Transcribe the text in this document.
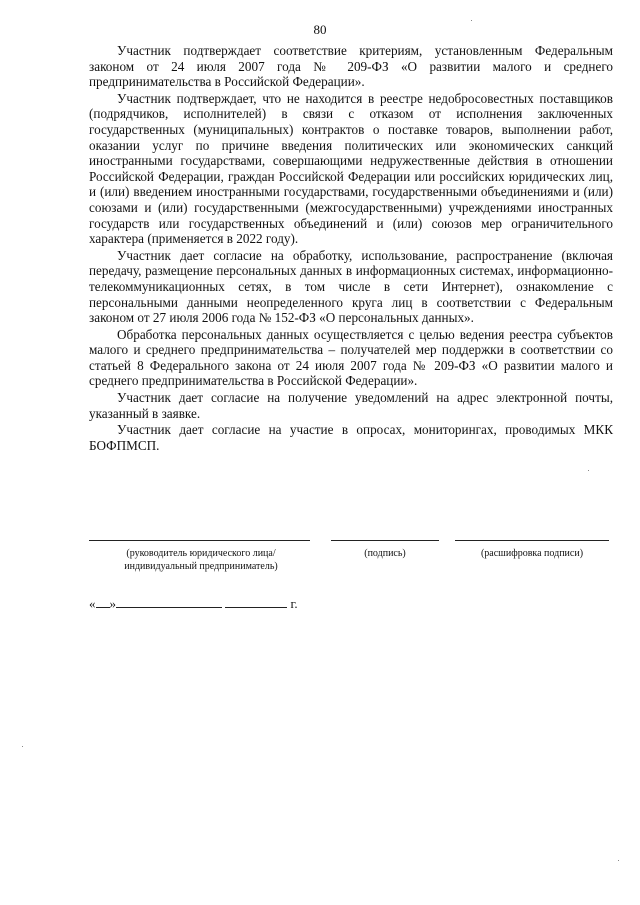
80

Участник подтверждает соответствие критериям, установленным Федеральным законом от 24 июля 2007 года № 209-ФЗ «О развитии малого и среднего предпринимательства в Российской Федерации».

Участник подтверждает, что не находится в реестре недобросовестных поставщиков (подрядчиков, исполнителей) в связи с отказом от исполнения заключенных государственных (муниципальных) контрактов о поставке товаров, выполнении работ, оказании услуг по причине введения политических или экономических санкций иностранными государствами, совершающими недружественные действия в отношении Российской Федерации, граждан Российской Федерации или российских юридических лиц, и (или) введением иностранными государствами, государственными объединениями и (или) союзами и (или) государственными (межгосударственными) учреждениями иностранных государств или государственных объединений и (или) союзов мер ограничительного характера (применяется в 2022 году).

Участник дает согласие на обработку, использование, распространение (включая передачу, размещение персональных данных в информационных системах, информационно-телекоммуникационных сетях, в том числе в сети Интернет), ознакомление с персональными данными неопределенного круга лиц в соответствии с Федеральным законом от 27 июля 2006 года № 152-ФЗ «О персональных данных».

Обработка персональных данных осуществляется с целью ведения реестра субъектов малого и среднего предпринимательства – получателей мер поддержки в соответствии со статьей 8 Федерального закона от 24 июля 2007 года № 209-ФЗ «О развитии малого и среднего предпринимательства в Российской Федерации».

Участник дает согласие на получение уведомлений на адрес электронной почты, указанный в заявке.

Участник дает согласие на участие в опросах, мониторингах, проводимых МКК БОФПМСП.

(руководитель юридического лица/ индивидуальный предприниматель)
(подпись)	(расшифровка подписи)
« »	г.
